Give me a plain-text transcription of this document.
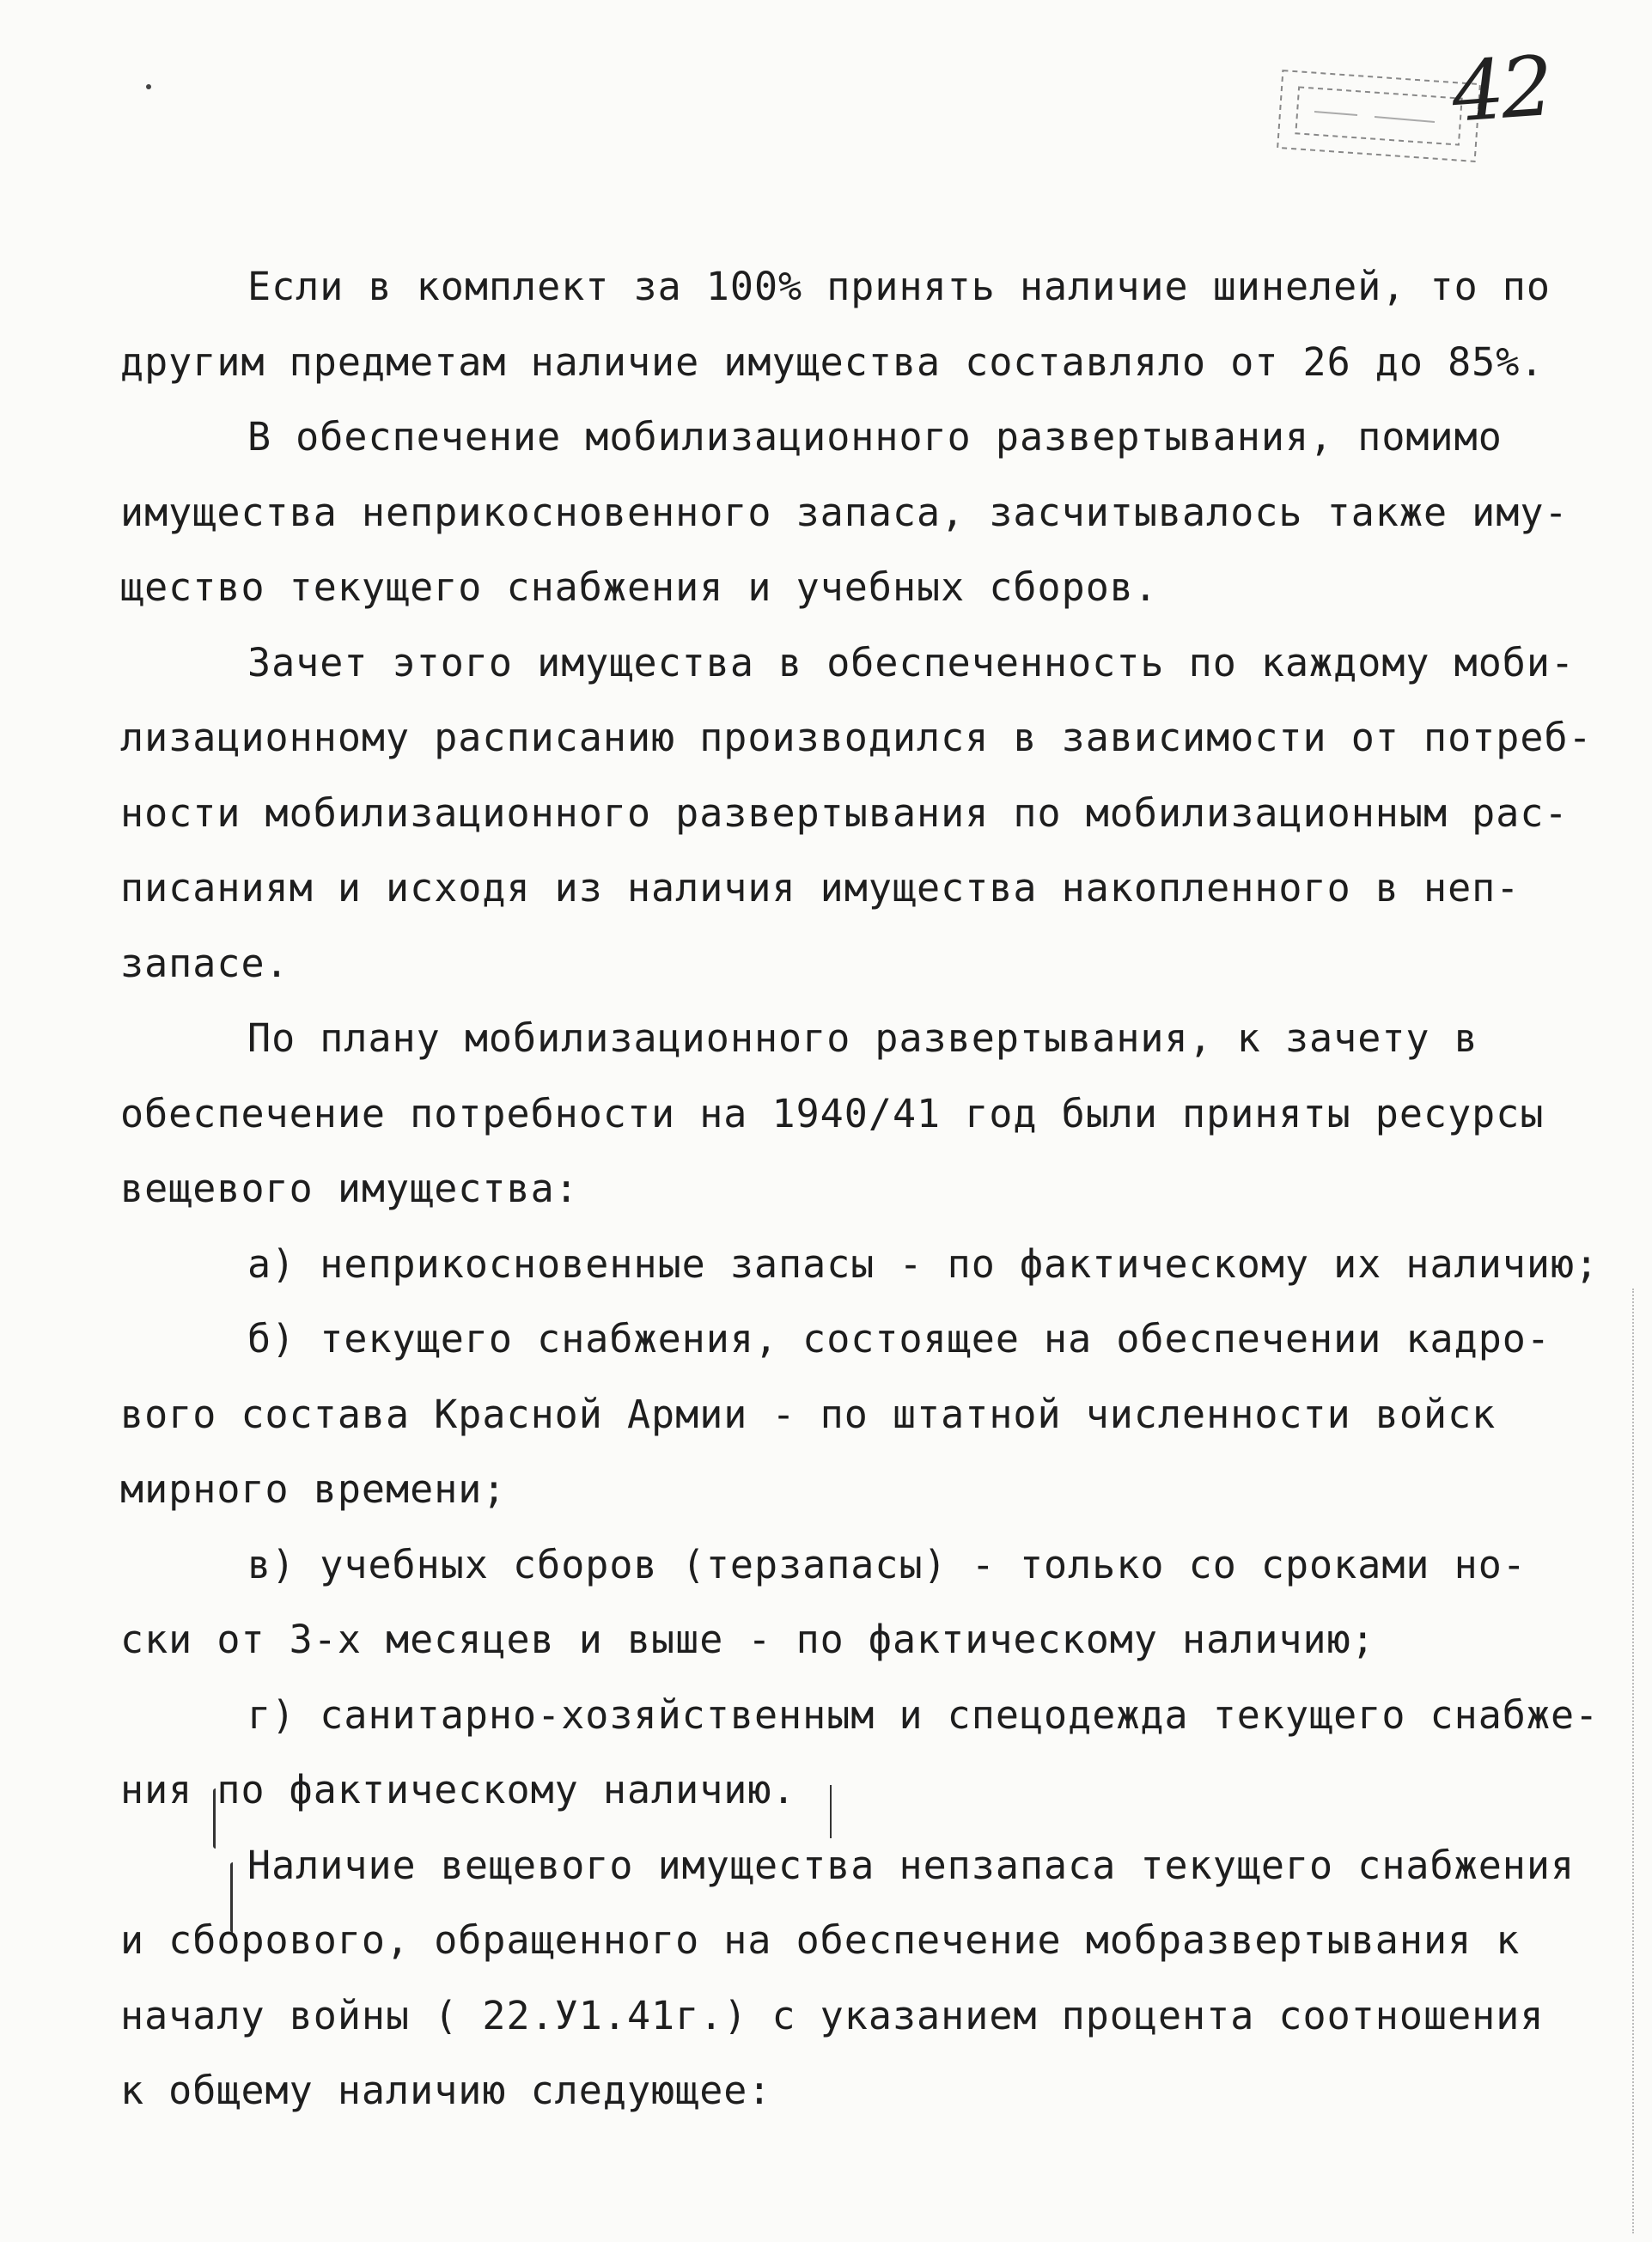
42
Если в комплект за 100% принять наличие шинелей, то по
другим предметам наличие имущества составляло от 26 до 85%.
В обеспечение мобилизационного развертывания, помимо
имущества неприкосновенного запаса, засчитывалось также иму-
щество текущего снабжения и учебных сборов.
Зачет этого имущества в обеспеченность по каждому моби-
лизационному расписанию производился в зависимости от потреб-
ности мобилизационного развертывания по мобилизационным рас-
писаниям и исходя из наличия имущества накопленного в неп-
запасе.
По плану мобилизационного развертывания, к зачету в
обеспечение потребности на 1940/41 год были приняты ресурсы
вещевого имущества:
а) неприкосновенные запасы - по фактическому их наличию;
б) текущего снабжения, состоящее на обеспечении кадро-
вого состава Красной Армии - по штатной численности войск
мирного времени;
в) учебных сборов (терзапасы) - только со сроками но-
ски от 3-х месяцев и выше - по фактическому наличию;
г) санитарно-хозяйственным и спецодежда текущего снабже-
ния по фактическому наличию.
Наличие вещевого имущества непзапаса текущего снабжения
и сборового, обращенного на обеспечение мобразвертывания к
началу войны ( 22.У1.41г.) с указанием процента соотношения
к общему наличию следующее:
